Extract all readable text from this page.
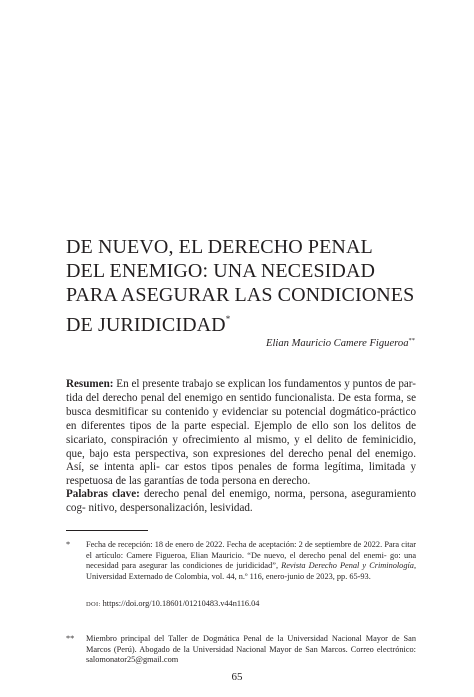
DE NUEVO, EL DERECHO PENAL
DEL ENEMIGO: UNA NECESIDAD
PARA ASEGURAR LAS CONDICIONES
DE JURIDICIDAD*
Elian Mauricio Camere Figueroa**
Resumen: En el presente trabajo se explican los fundamentos y puntos de par- tida del derecho penal del enemigo en sentido funcionalista. De esta forma, se busca desmitificar su contenido y evidenciar su potencial dogmático-práctico en diferentes tipos de la parte especial. Ejemplo de ello son los delitos de sicariato, conspiración y ofrecimiento al mismo, y el delito de feminicidio, que, bajo esta perspectiva, son expresiones del derecho penal del enemigo. Así, se intenta apli- car estos tipos penales de forma legítima, limitada y respetuosa de las garantías de toda persona en derecho.
Palabras clave: derecho penal del enemigo, norma, persona, aseguramiento cog- nitivo, despersonalización, lesividad.
* Fecha de recepción: 18 de enero de 2022. Fecha de aceptación: 2 de septiembre de 2022. Para citar el artículo: Camere Figueroa, Elian Mauricio. “De nuevo, el derecho penal del enemi- go: una necesidad para asegurar las condiciones de juridicidad”, Revista Derecho Penal y Criminología, Universidad Externado de Colombia, vol. 44, n.º 116, enero-junio de 2023, pp. 65-93.
DOI: https://doi.org/10.18601/01210483.v44n116.04
** Miembro principal del Taller de Dogmática Penal de la Universidad Nacional Mayor de San Marcos (Perú). Abogado de la Universidad Nacional Mayor de San Marcos. Correo electrónico: salomonator25@gmail.com
65
